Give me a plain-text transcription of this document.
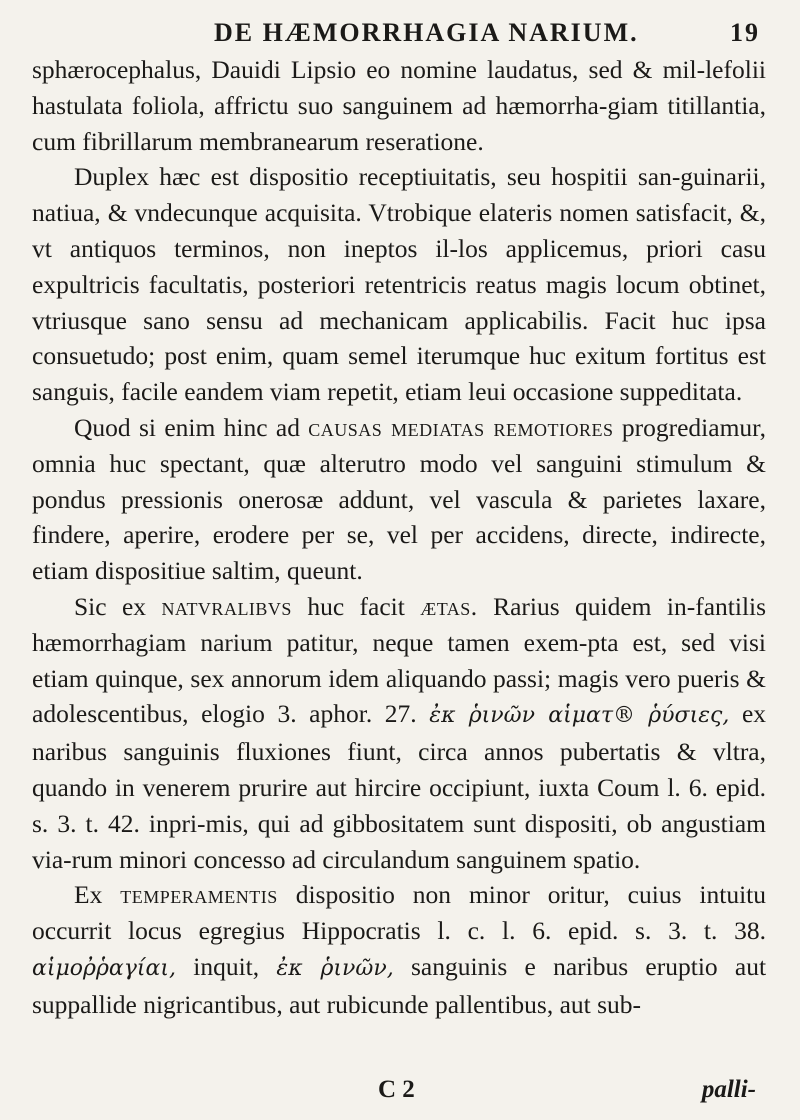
DE HÆMORRHAGIA NARIUM.	19

sphærocephalus, Dauidi Lipsio eo nomine laudatus, sed & mil-lefolii hastulata foliola, affrictu suo sanguinem ad hæmorrha-giam titillantia, cum fibrillarum membranearum reseratione.

Duplex hæc est dispositio receptiuitatis, seu hospitii san-guinarii, natiua, & vndecunque acquisita. Vtrobique elateris nomen satisfacit, &, vt antiquos terminos, non ineptos il-los applicemus, priori casu expultricis facultatis, posteriori retentricis reatus magis locum obtinet, vtriusque sano sensu ad mechanicam applicabilis. Facit huc ipsa consuetudo; post enim, quam semel iterumque huc exitum fortitus est sanguis, facile eandem viam repetit, etiam leui occasione suppeditata.

Quod si enim hinc ad causas mediatas remotiores progrediamur, omnia huc spectant, quæ alterutro modo vel sanguini stimulum & pondus pressionis onerosæ addunt, vel vascula & parietes laxare, findere, aperire, erodere per se, vel per accidens, directe, indirecte, etiam dispositiue saltim, queunt.

Sic ex natvralibvs huc facit ætas. Rarius quidem in-fantilis hæmorrhagiam narium patitur, neque tamen exem-pta est, sed visi etiam quinque, sex annorum idem aliquando passi; magis vero pueris & adolescentibus, elogio 3. aphor. 27. ἐκ ῥινῶν αἱματ® ῥύσιες, ex naribus sanguinis fluxiones fiunt, circa annos pubertatis & vltra, quando in venerem prurire aut hircire occipiunt, iuxta Coum l. 6. epid. s. 3. t. 42. inpri-mis, qui ad gibbositatem sunt dispositi, ob angustiam via-rum minori concesso ad circulandum sanguinem spatio.

Ex temperamentis dispositio non minor oritur, cuius intuitu occurrit locus egregius Hippocratis l. c. l. 6. epid. s. 3. t. 38. αἱμοῤῥαγίαι, inquit, ἐκ ῥινῶν, sanguinis e naribus eruptio aut suppallide nigricantibus, aut rubicunde pallentibus, aut sub-

C 2	palli-
